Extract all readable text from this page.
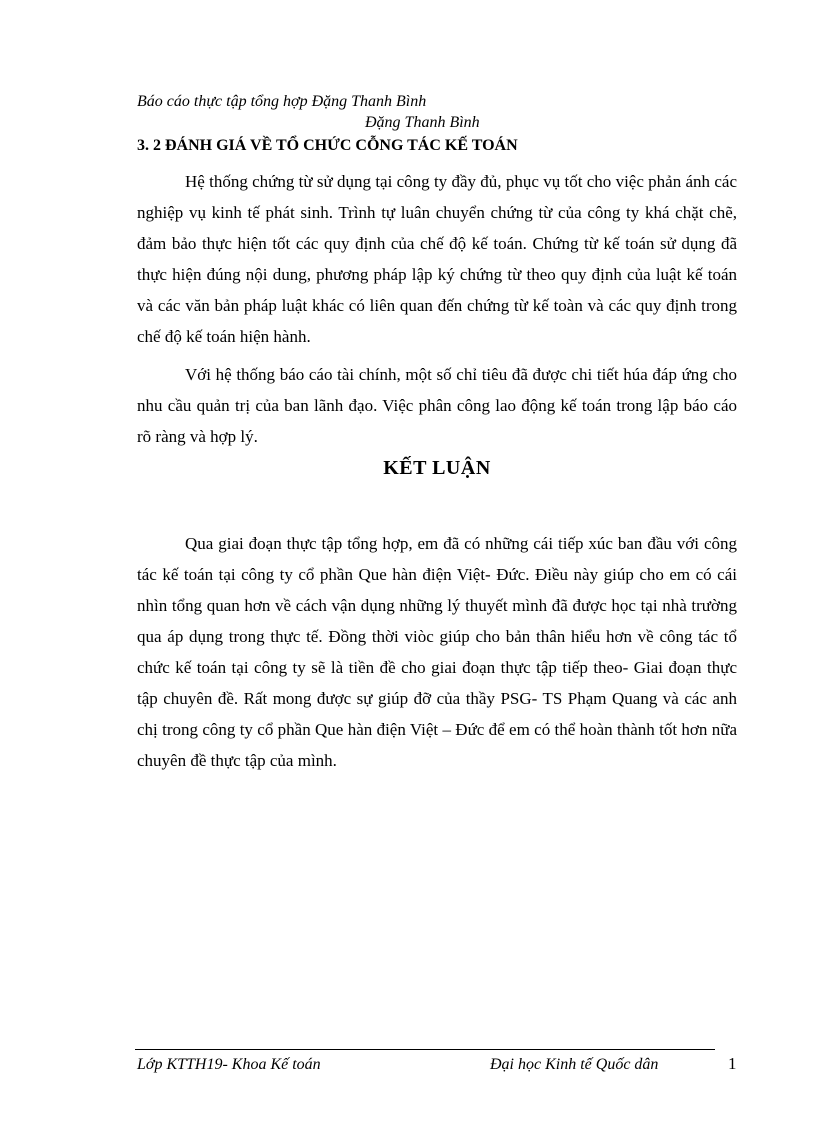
Báo cáo thực tập tổng hợp Đặng Thanh Bình
Đặng Thanh Bình
3. 2 ĐÁNH GIÁ VỀ TỔ CHỨC CỖNG TÁC KẾ TOÁN

Hệ thống chứng từ sử dụng tại công ty đầy đủ, phục vụ tốt cho việc phản ánh các nghiệp vụ kinh tế phát sinh. Trình tự luân chuyển chứng từ của công ty khá chặt chẽ, đảm bảo thực hiện tốt các quy định của chế độ kế toán. Chứng từ kế toán sử dụng đã thực hiện đúng nội dung, phương pháp lập ký chứng từ theo quy định của luật kế toán và các văn bản pháp luật khác có liên quan đến chứng từ kế toàn và các quy định trong chế độ kế toán hiện hành.

Với hệ thống báo cáo tài chính, một số chỉ tiêu đã được chi tiết húa đáp ứng cho nhu cầu quản trị của ban lãnh đạo. Việc phân công lao động kế toán trong lập báo cáo rõ ràng và hợp lý.

KẾT LUẬN

Qua giai đoạn thực tập tổng hợp, em đã có những cái tiếp xúc ban đầu với công tác kế toán tại công ty cổ phần Que hàn điện Việt- Đức. Điều này giúp cho em có cái nhìn tổng quan hơn về cách vận dụng những lý thuyết mình đã được học tại nhà trường qua áp dụng trong thực tế. Đồng thời viòc giúp cho bản thân hiểu hơn về công tác tổ chức kế toán tại công ty sẽ là tiền đề cho giai đoạn thực tập tiếp theo- Giai đoạn thực tập chuyên đề. Rất mong được sự giúp đỡ của thầy PSG- TS Phạm Quang và các anh chị trong công ty cổ phần Que hàn điện Việt – Đức để em có thể hoàn thành tốt hơn nữa chuyên đề thực tập của mình.

Lớp KTTH19- Khoa Kế toán	Đại học Kinh tế Quốc dân	1
